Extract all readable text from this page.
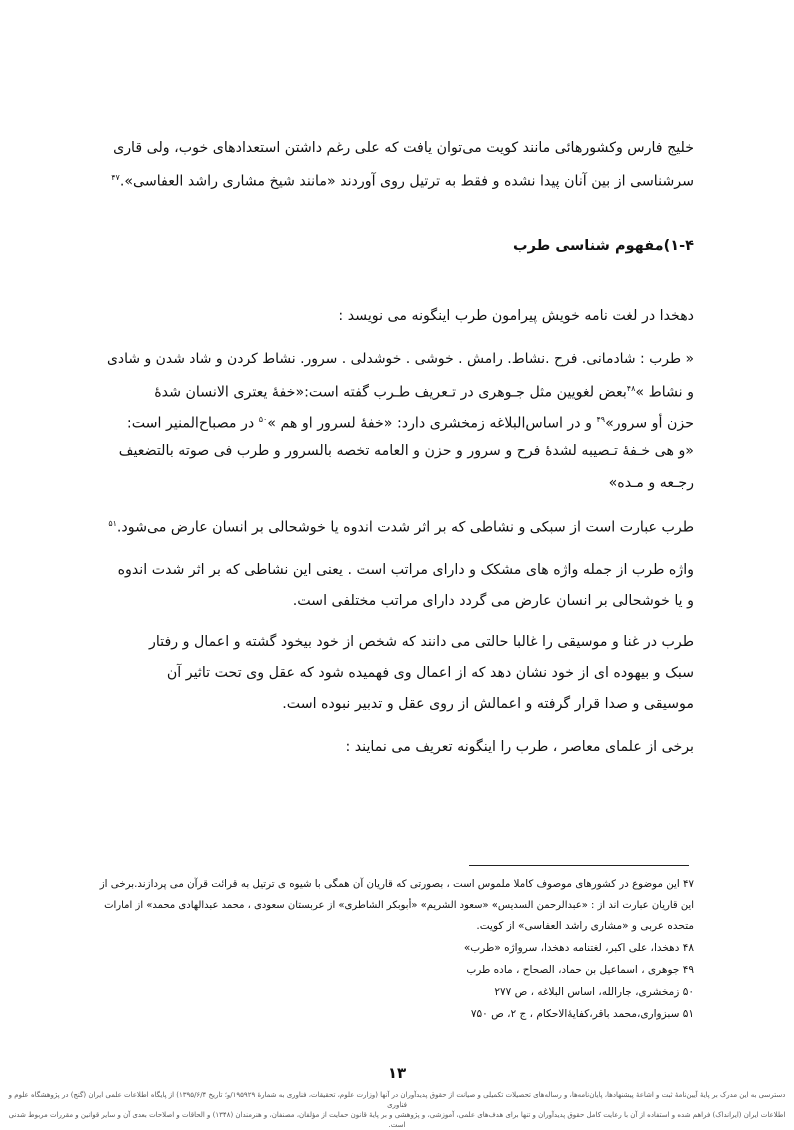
خلیج فارس وکشورهائی مانند کویت می‌توان یافت که علی رغم داشتن استعدادهای خوب، ولی قاری
سرشناسی از بین آنان پیدا نشده و فقط به ترتیل روی آوردند «مانند شیخ مشاری راشد العفاسی».$^{۴۷}$
۱-۴)مفهوم شناسی طرب
دهخدا در لغت نامه خویش پیرامون طرب اینگونه می نویسد :
« طرب : شادمانی. فرح .نشاط. رامش . خوشی . خوشدلی . سرور. نشاط کردن و شاد شدن و شادی
و نشاط »$^{۴۸}$بعض لغویین مثل جـوهری در تـعریف طـرب گفته است:«خفهٔ یعتری الانسان شدهٔ
حزن أو سرور»$^{۴۹}$ و در اساس‌البلاغه زمخشری دارد: «خفهٔ لسرور او هم »$^{۵۰}$ در مصباح‌المنیر است:
«و هی خـفهٔ تـصیبه لشدهٔ فرح و سرور و حزن و العامه تخصه بالسرور و طرب فی صوته بالتضعیف
رجـعه و مـده»
طرب عبارت است از سبکی و نشاطی که بر اثر شدت اندوه یا خوشحالی بر انسان عارض می‌شود.$^{۵۱}$
واژه طرب از جمله واژه های مشکک و دارای مراتب است . یعنی این نشاطی که بر اثر شدت اندوه
و یا خوشحالی بر انسان عارض می گردد دارای مراتب مختلفی است.
طرب در غنا و موسیقی را غالبا حالتی می دانند که شخص از خود بیخود گشته و اعمال و رفتار
سبک و بیهوده ای از خود نشان دهد که از اعمال وی فهمیده شود که عقل وی تحت تاثیر آن
موسیقی و صدا قرار گرفته و اعمالش از روی عقل و تدبیر نبوده است.
برخی از علمای معاصر ، طرب را اینگونه تعریف می نمایند :
۴۷ این موضوع در کشورهای موصوف کاملا ملموس است ، بصورتی که قاریان آن همگی با شیوه ی ترتیل به قرائت قرآن می پردازند.برخی از
این قاریان عبارت اند از : «عبدالرحمن السدیس» «سعود الشریم» «أبوبکر الشاطری» از عربستان سعودی ، محمد عبدالهادی محمد» از امارات
متحده عربی و «مشاری راشد العفاسی» از کویت.
۴۸ دهخدا، علی اکبر، لغتنامه دهخدا، سرواژه «طرب»
۴۹ جوهری ، اسماعیل بن حماد، الصحاح ، ماده طرب
۵۰ زمخشری، جارالله، اساس البلاغه ، ص ۲۷۷
۵۱ سبزواری،محمد باقر،کفایهٔ‌الاحکام ، ج ۲، ص ۷۵۰
۱۳
دسترسی به این مدرک بر پایهٔ آیین‌نامهٔ ثبت و اشاعهٔ پیشنهادها، پایان‌نامه‌ها، و رساله‌های تحصیلات تکمیلی و صیانت از حقوق پدیدآوران در آنها (وزارت علوم، تحقیقات، فناوری به شمارهٔ ۱۹۵۹۲۹/و؛ تاریخ ۱۳۹۵/۶/۴) از پایگاه اطلاعات علمی ایران (گنج) در پژوهشگاه علوم و فناوری
اطلاعات ایران (ایرانداک) فراهم شده و استفاده از آن با رعایت کامل حقوق پدیدآوران و تنها برای هدف‌های علمی، آموزشی، و پژوهشی و بر پایهٔ قانون حمایت از مؤلفان، مصنفان، و هنرمندان (۱۳۴۸) و الحاقات و اصلاحات بعدی آن و سایر قوانین و مقررات مربوط شدنی است.
